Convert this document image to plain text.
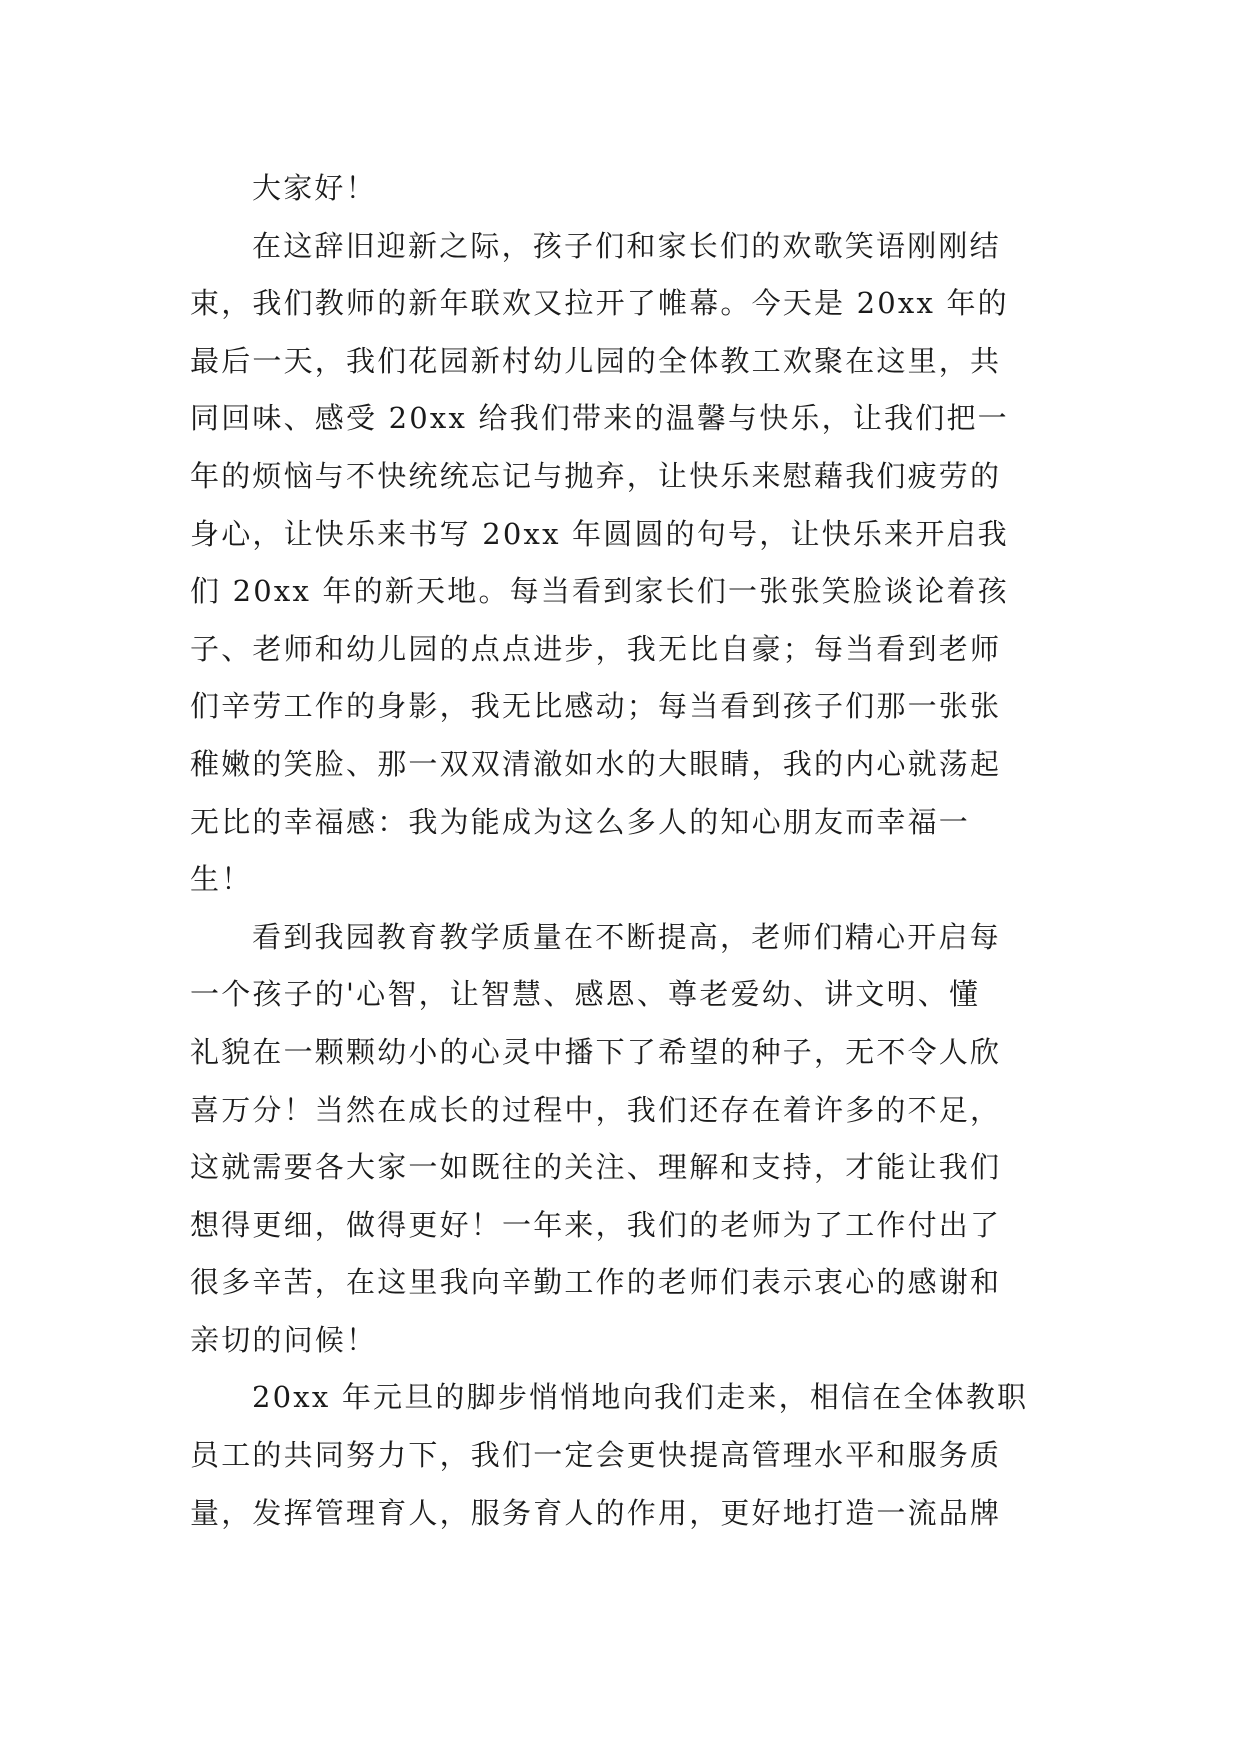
大家好！
在这辞旧迎新之际，孩子们和家长们的欢歌笑语刚刚结
束，我们教师的新年联欢又拉开了帷幕。今天是 20xx 年的
最后一天，我们花园新村幼儿园的全体教工欢聚在这里，共
同回味、感受 20xx 给我们带来的温馨与快乐，让我们把一
年的烦恼与不快统统忘记与抛弃，让快乐来慰藉我们疲劳的
身心，让快乐来书写 20xx 年圆圆的句号，让快乐来开启我
们 20xx 年的新天地。每当看到家长们一张张笑脸谈论着孩
子、老师和幼儿园的点点进步，我无比自豪；每当看到老师
们辛劳工作的身影，我无比感动；每当看到孩子们那一张张
稚嫩的笑脸、那一双双清澈如水的大眼睛，我的内心就荡起
无比的幸福感：我为能成为这么多人的知心朋友而幸福一
生！
看到我园教育教学质量在不断提高，老师们精心开启每
一个孩子的'心智，让智慧、感恩、尊老爱幼、讲文明、懂
礼貌在一颗颗幼小的心灵中播下了希望的种子，无不令人欣
喜万分！当然在成长的过程中，我们还存在着许多的不足，
这就需要各大家一如既往的关注、理解和支持，才能让我们
想得更细，做得更好！一年来，我们的老师为了工作付出了
很多辛苦，在这里我向辛勤工作的老师们表示衷心的感谢和
亲切的问候！
20xx 年元旦的脚步悄悄地向我们走来，相信在全体教职
员工的共同努力下，我们一定会更快提高管理水平和服务质
量，发挥管理育人，服务育人的作用，更好地打造一流品牌
